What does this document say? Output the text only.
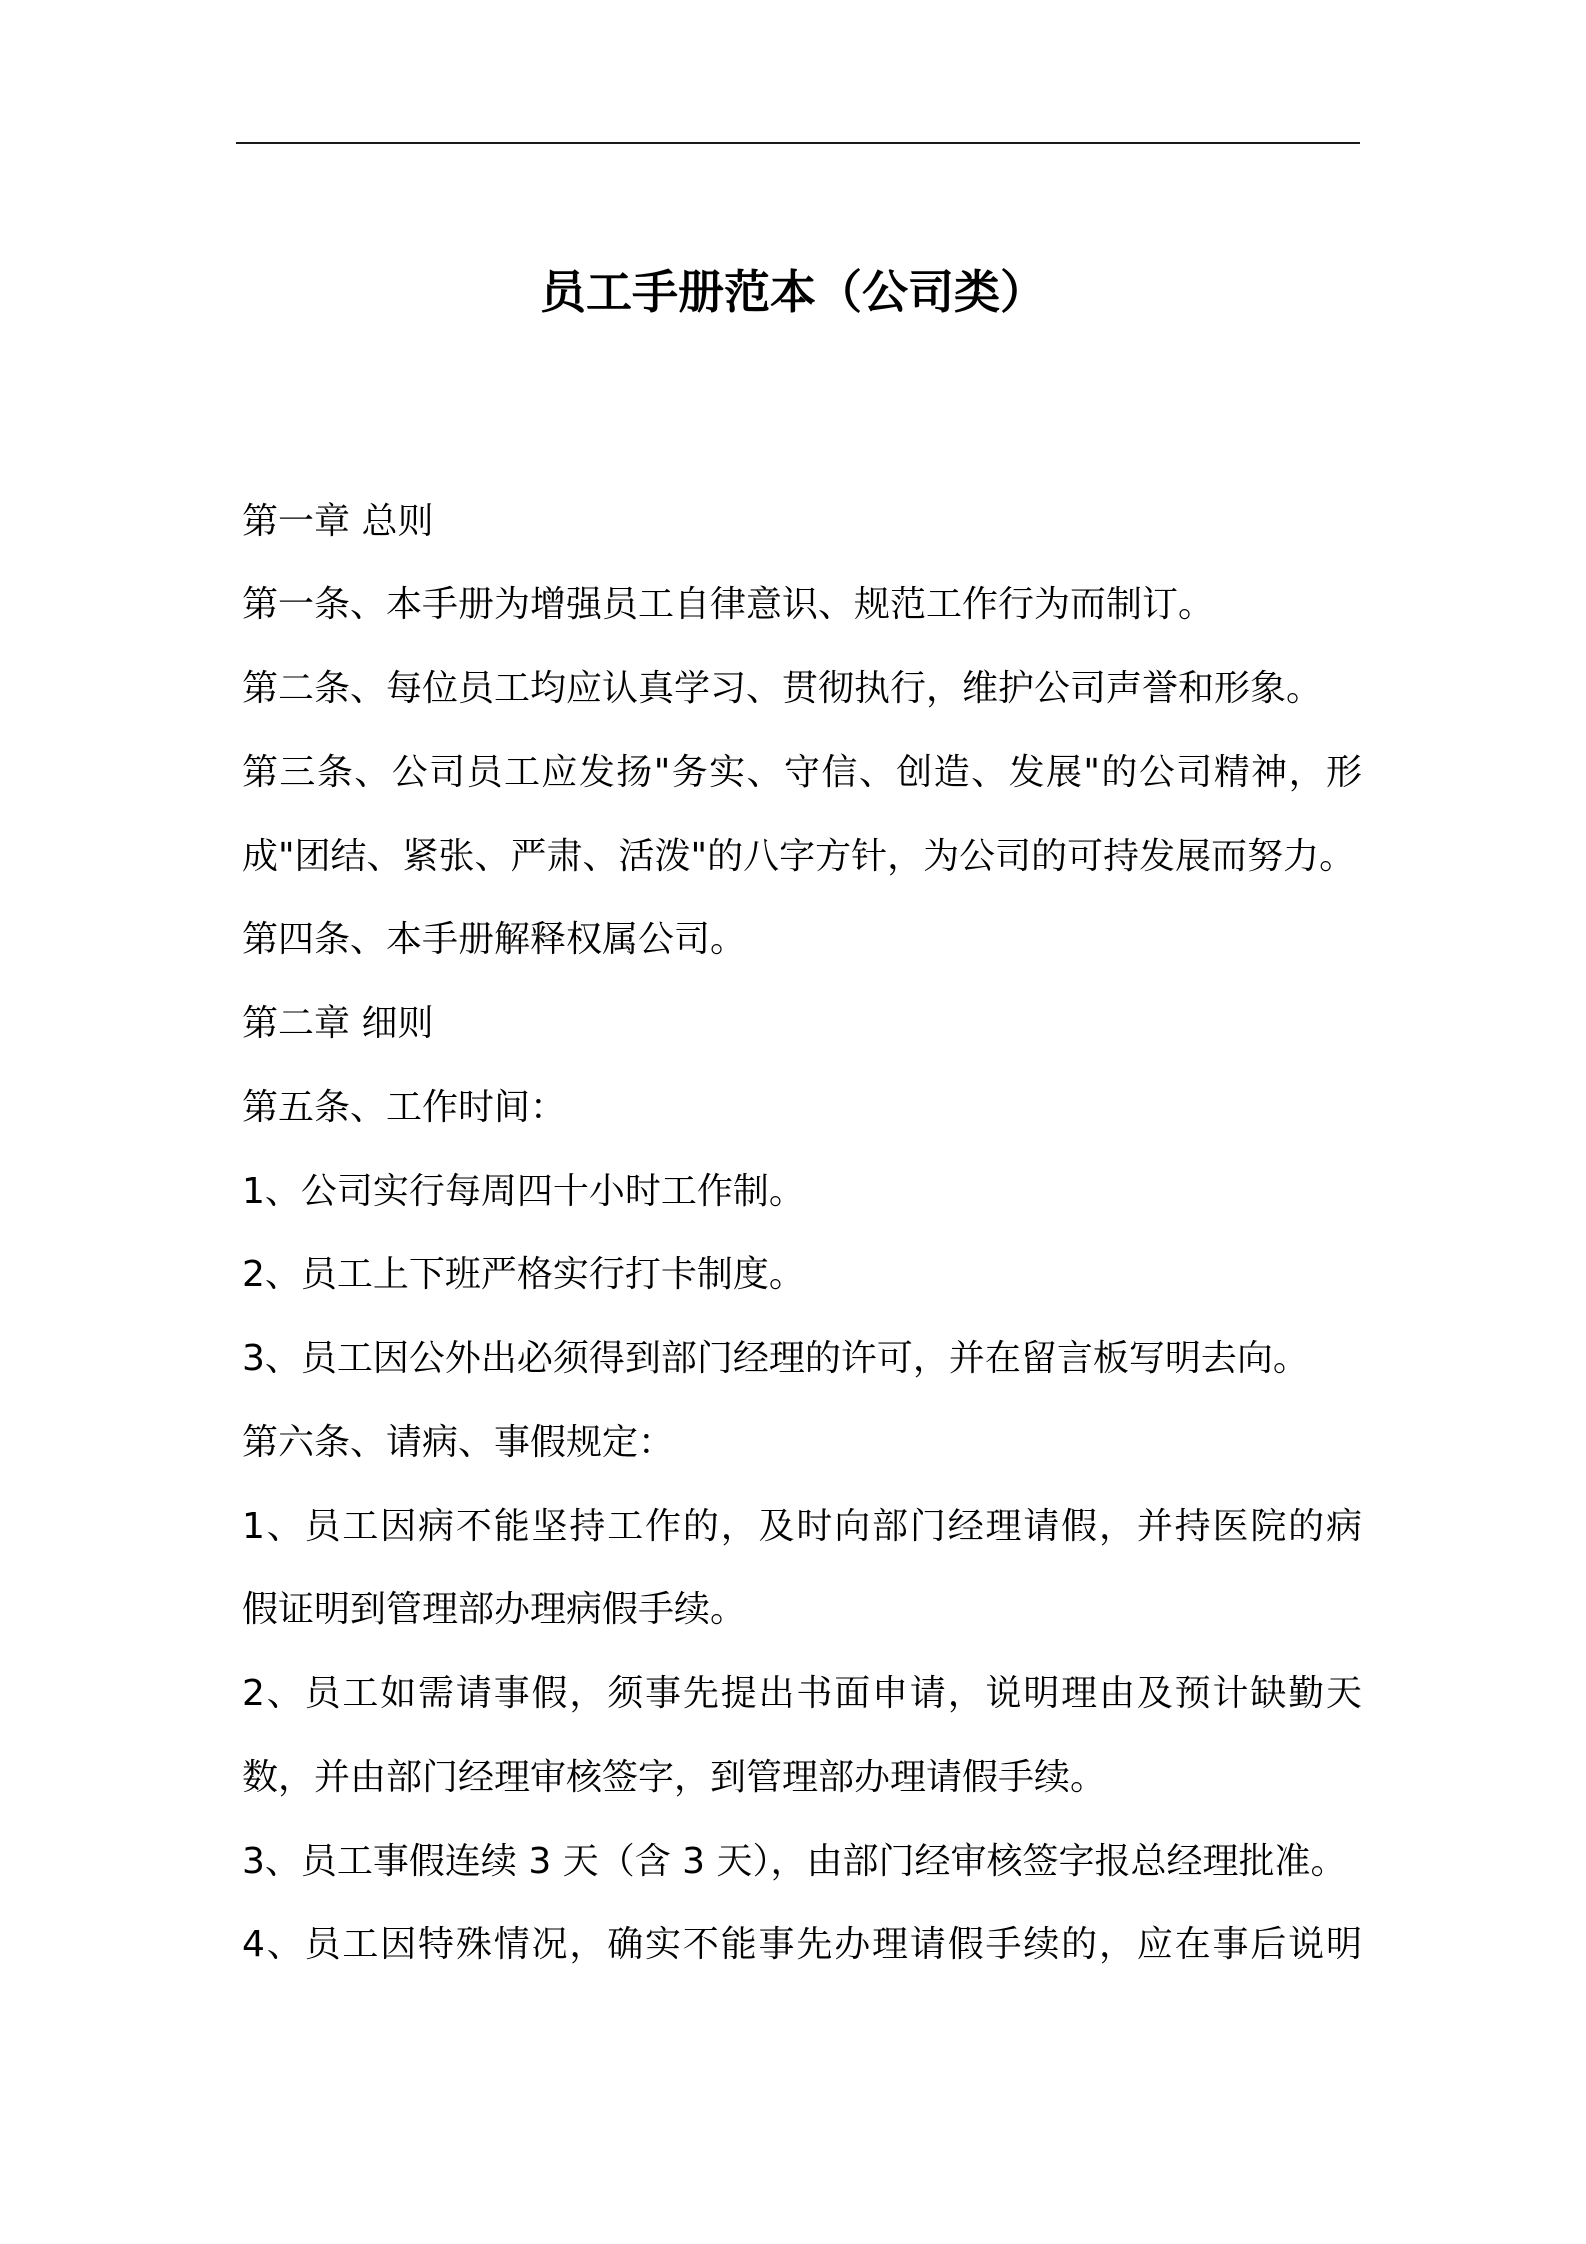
员工手册范本（公司类）
第一章 总则
第一条、本手册为增强员工自律意识、规范工作行为而制订。
第二条、每位员工均应认真学习、贯彻执行，维护公司声誉和形象。
第三条、公司员工应发扬"务实、守信、创造、发展"的公司精神，形
成"团结、紧张、严肃、活泼"的八字方针，为公司的可持发展而努力。
第四条、本手册解释权属公司。
第二章 细则
第五条、工作时间：
1、公司实行每周四十小时工作制。
2、员工上下班严格实行打卡制度。
3、员工因公外出必须得到部门经理的许可，并在留言板写明去向。
第六条、请病、事假规定：
1、员工因病不能坚持工作的，及时向部门经理请假，并持医院的病
假证明到管理部办理病假手续。
2、员工如需请事假，须事先提出书面申请，说明理由及预计缺勤天
数，并由部门经理审核签字，到管理部办理请假手续。
3、员工事假连续 3 天（含 3 天），由部门经审核签字报总经理批准。
4、员工因特殊情况，确实不能事先办理请假手续的，应在事后说明
